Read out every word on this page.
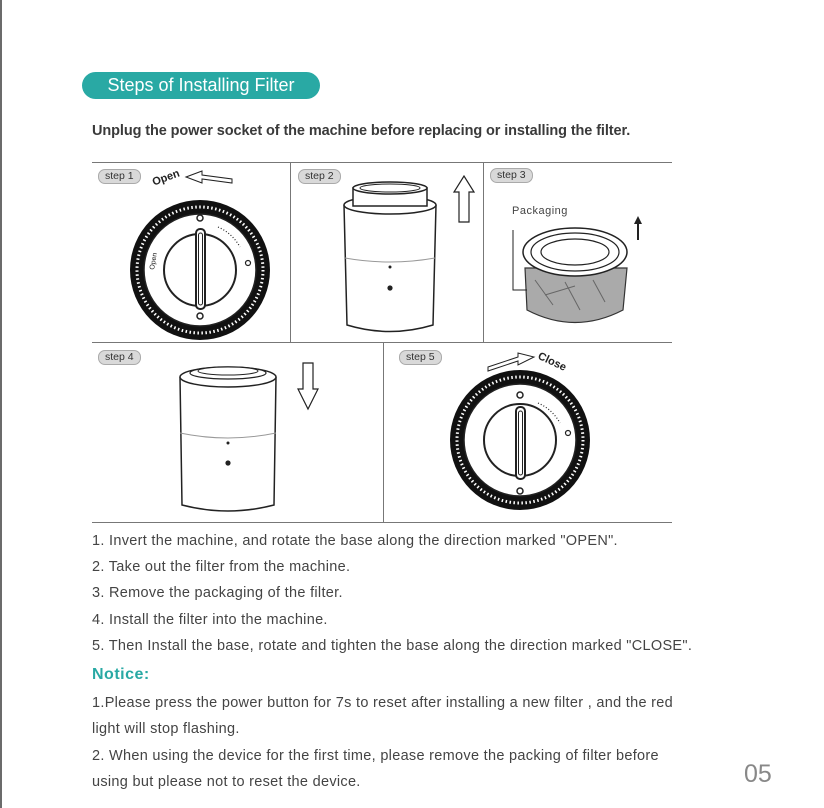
Steps of Installing Filter
Unplug the power socket of the machine before replacing or installing the filter.
step 1	step 2	step 3
step 4	step 5
Open
Open
Packaging
Close
1. Invert the machine, and rotate the base along the direction marked "OPEN".
2. Take out the filter from the machine.
3. Remove the packaging of the filter.
4. Install the filter into the machine.
5. Then Install the base, rotate and tighten the base along the direction marked "CLOSE".
Notice:
1.Please press the power button for 7s to reset after installing a new filter , and the red
light will stop flashing.
2. When using the device for the first time, please remove the packing of filter before
using but please not to reset the device.	05
